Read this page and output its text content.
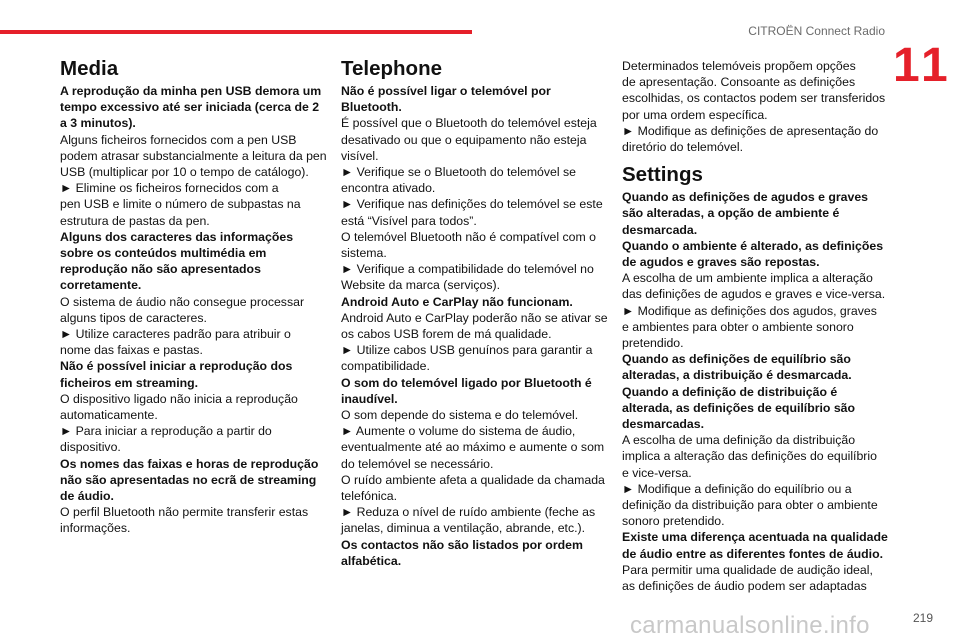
CITROËN Connect Radio
11
Media
A reprodução da minha pen USB demora um
tempo excessivo até ser iniciada (cerca de 2
a 3 minutos).
Alguns ficheiros fornecidos com a pen USB
podem atrasar substancialmente a leitura da pen
USB (multiplicar por 10 o tempo de catálogo).
► Elimine os ficheiros fornecidos com a
pen USB e limite o número de subpastas na
estrutura de pastas da pen.
Alguns dos caracteres das informações
sobre os conteúdos multimédia em
reprodução não são apresentados
corretamente.
O sistema de áudio não consegue processar
alguns tipos de caracteres.
► Utilize caracteres padrão para atribuir o
nome das faixas e pastas.
Não é possível iniciar a reprodução dos
ficheiros em streaming.
O dispositivo ligado não inicia a reprodução
automaticamente.
► Para iniciar a reprodução a partir do
dispositivo.
Os nomes das faixas e horas de reprodução
não são apresentadas no ecrã de streaming
de áudio.
O perfil Bluetooth não permite transferir estas
informações.
Telephone
Não é possível ligar o telemóvel por
Bluetooth.
É possível que o Bluetooth do telemóvel esteja
desativado ou que o equipamento não esteja
visível.
► Verifique se o Bluetooth do telemóvel se
encontra ativado.
► Verifique nas definições do telemóvel se este
está “Visível para todos”.
O telemóvel Bluetooth não é compatível com o
sistema.
► Verifique a compatibilidade do telemóvel no
Website da marca (serviços).
Android Auto e CarPlay não funcionam.
Android Auto e CarPlay poderão não se ativar se
os cabos USB forem de má qualidade.
► Utilize cabos USB genuínos para garantir a
compatibilidade.
O som do telemóvel ligado por Bluetooth é
inaudível.
O som depende do sistema e do telemóvel.
► Aumente o volume do sistema de áudio,
eventualmente até ao máximo e aumente o som
do telemóvel se necessário.
O ruído ambiente afeta a qualidade da chamada
telefónica.
► Reduza o nível de ruído ambiente (feche as
janelas, diminua a ventilação, abrande, etc.).
Os contactos não são listados por ordem
alfabética.
Determinados telemóveis propõem opções
de apresentação. Consoante as definições
escolhidas, os contactos podem ser transferidos
por uma ordem específica.
► Modifique as definições de apresentação do
diretório do telemóvel.
Settings
Quando as definições de agudos e graves
são alteradas, a opção de ambiente é
desmarcada.
Quando o ambiente é alterado, as definições
de agudos e graves são repostas.
A escolha de um ambiente implica a alteração
das definições de agudos e graves e vice-versa.
► Modifique as definições dos agudos, graves
e ambientes para obter o ambiente sonoro
pretendido.
Quando as definições de equilíbrio são
alteradas, a distribuição é desmarcada.
Quando a definição de distribuição é
alterada, as definições de equilíbrio são
desmarcadas.
A escolha de uma definição da distribuição
implica a alteração das definições do equilíbrio
e vice-versa.
► Modifique a definição do equilíbrio ou a
definição da distribuição para obter o ambiente
sonoro pretendido.
Existe uma diferença acentuada na qualidade
de áudio entre as diferentes fontes de áudio.
Para permitir uma qualidade de audição ideal,
as definições de áudio podem ser adaptadas
carmanualsonline.info	219
